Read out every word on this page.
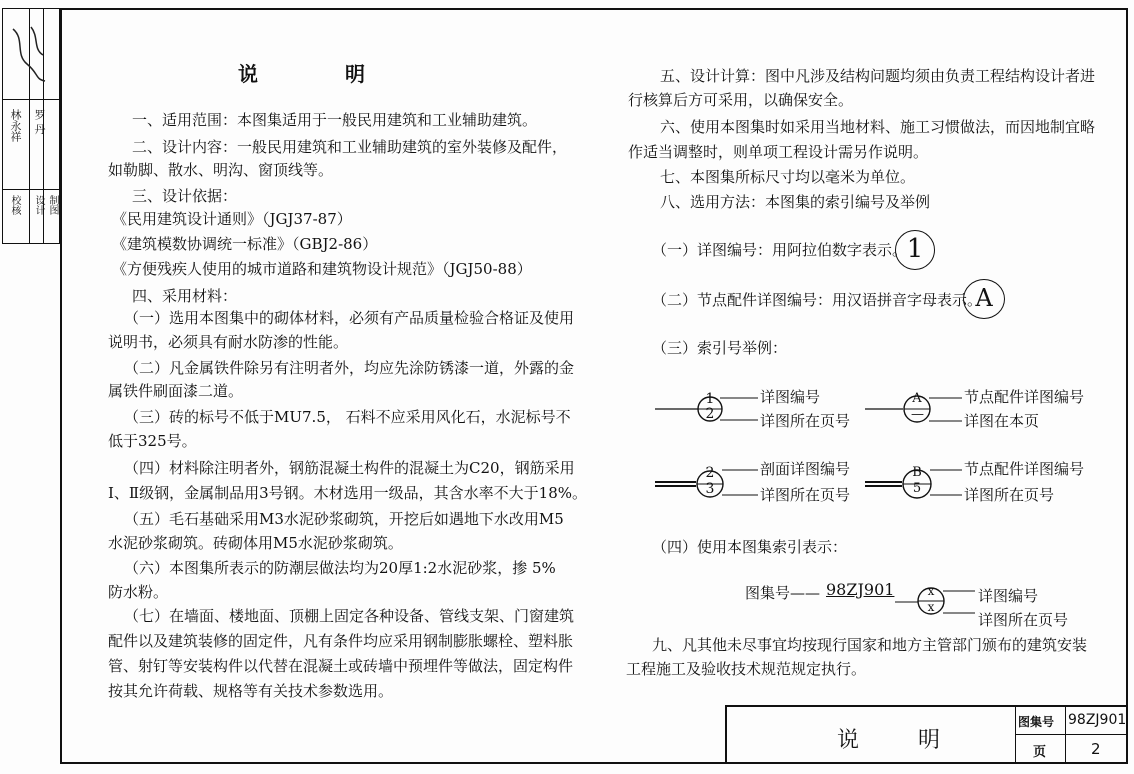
林永祥 罗 丹
校核 设计 制图
说 明
一、适用范围：本图集适用于一般民用建筑和工业辅助建筑。
二、设计内容：一般民用建筑和工业辅助建筑的室外装修及配件，
如勒脚、散水、明沟、窗顶线等。
三、设计依据：
《民用建筑设计通则》（JGJ37-87）
《建筑模数协调统一标准》（GBJ2-86）
《方便残疾人使用的城市道路和建筑物设计规范》（JGJ50-88）
四、采用材料：
（一）选用本图集中的砌体材料，必须有产品质量检验合格证及使用
说明书，必须具有耐水防渗的性能。
（二）凡金属铁件除另有注明者外，均应先涂防锈漆一道，外露的金
属铁件刷面漆二道。
（三）砖的标号不低于MU7.5， 石料不应采用风化石，水泥标号不
低于325号。
（四）材料除注明者外，钢筋混凝土构件的混凝土为C20，钢筋采用
Ⅰ、Ⅱ级钢，金属制品用3号钢。木材选用一级品，其含水率不大于18%。
（五）毛石基础采用M3水泥砂浆砌筑，开挖后如遇地下水改用M5
水泥砂浆砌筑。砖砌体用M5水泥砂浆砌筑。
（六）本图集所表示的防潮层做法均为20厚1:2水泥砂浆，掺 5%
防水粉。
（七）在墙面、楼地面、顶棚上固定各种设备、管线支架、门窗建筑
配件以及建筑装修的固定件，凡有条件均应采用钢制膨胀螺栓、塑料胀
管、射钉等安装构件以代替在混凝土或砖墙中预埋件等做法，固定构件
按其允许荷载、规格等有关技术参数选用。
五、设计计算：图中凡涉及结构问题均须由负责工程结构设计者进
行核算后方可采用，以确保安全。
六、使用本图集时如采用当地材料、施工习惯做法，而因地制宜略
作适当调整时，则单项工程设计需另作说明。
七、本图集所标尺寸均以毫米为单位。
八、选用方法：本图集的索引编号及举例
（一）详图编号：用阿拉伯数字表示。 1
（二）节点配件详图编号：用汉语拼音字母表示。
A
（三）索引号举例：
1
2
详图编号
详图所在页号
A
—
节点配件详图编号
详图在本页
2
3
剖面详图编号
详图所在页号
B
5
节点配件详图编号
详图所在页号
（四）使用本图集索引表示：
图集号—— 98ZJ901	x
x
详图编号
详图所在页号
九、凡其他未尽事宜均按现行国家和地方主管部门颁布的建筑安装
工程施工及验收技术规范规定执行。
说 明
图集号 98ZJ901
页	2
